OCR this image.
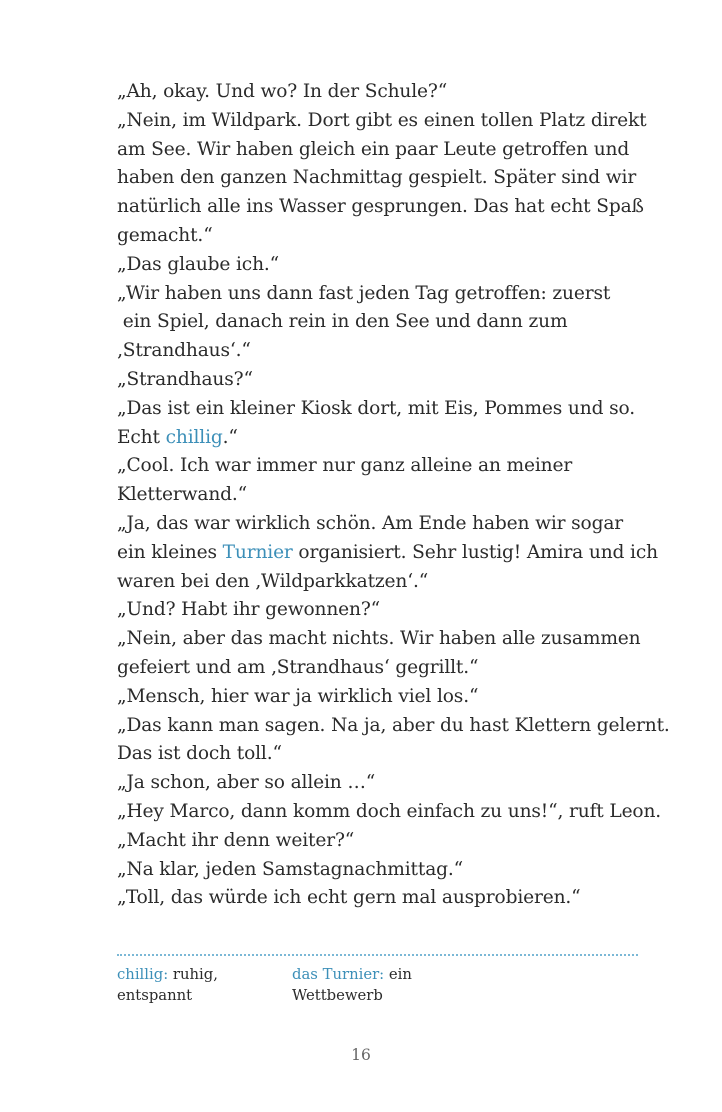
„Ah, okay. Und wo? In der Schule?“
„Nein, im Wildpark. Dort gibt es einen tollen Platz direkt
am See. Wir haben gleich ein paar Leute getroffen und
haben den ganzen Nachmittag gespielt. Später sind wir
natürlich alle ins Wasser gesprungen. Das hat echt Spaß
gemacht.“
„Das glaube ich.“
„Wir haben uns dann fast jeden Tag getroffen: zuerst
ein Spiel, danach rein in den See und dann zum
‚Strandhaus‘.“
„Strandhaus?“
„Das ist ein kleiner Kiosk dort, mit Eis, Pommes und so.
Echt chillig.“
„Cool. Ich war immer nur ganz alleine an meiner
Kletterwand.“
„Ja, das war wirklich schön. Am Ende haben wir sogar
ein kleines Turnier organisiert. Sehr lustig! Amira und ich
waren bei den ‚Wildparkkatzen‘.“
„Und? Habt ihr gewonnen?“
„Nein, aber das macht nichts. Wir haben alle zusammen
gefeiert und am ‚Strandhaus‘ gegrillt.“
„Mensch, hier war ja wirklich viel los.“
„Das kann man sagen. Na ja, aber du hast Klettern gelernt.
Das ist doch toll.“
„Ja schon, aber so allein …“
„Hey Marco, dann komm doch einfach zu uns!“, ruft Leon.
„Macht ihr denn weiter?“
„Na klar, jeden Samstagnachmittag.“
„Toll, das würde ich echt gern mal ausprobieren.“
chillig: ruhig, entspannt
das Turnier: ein Wettbewerb
16
